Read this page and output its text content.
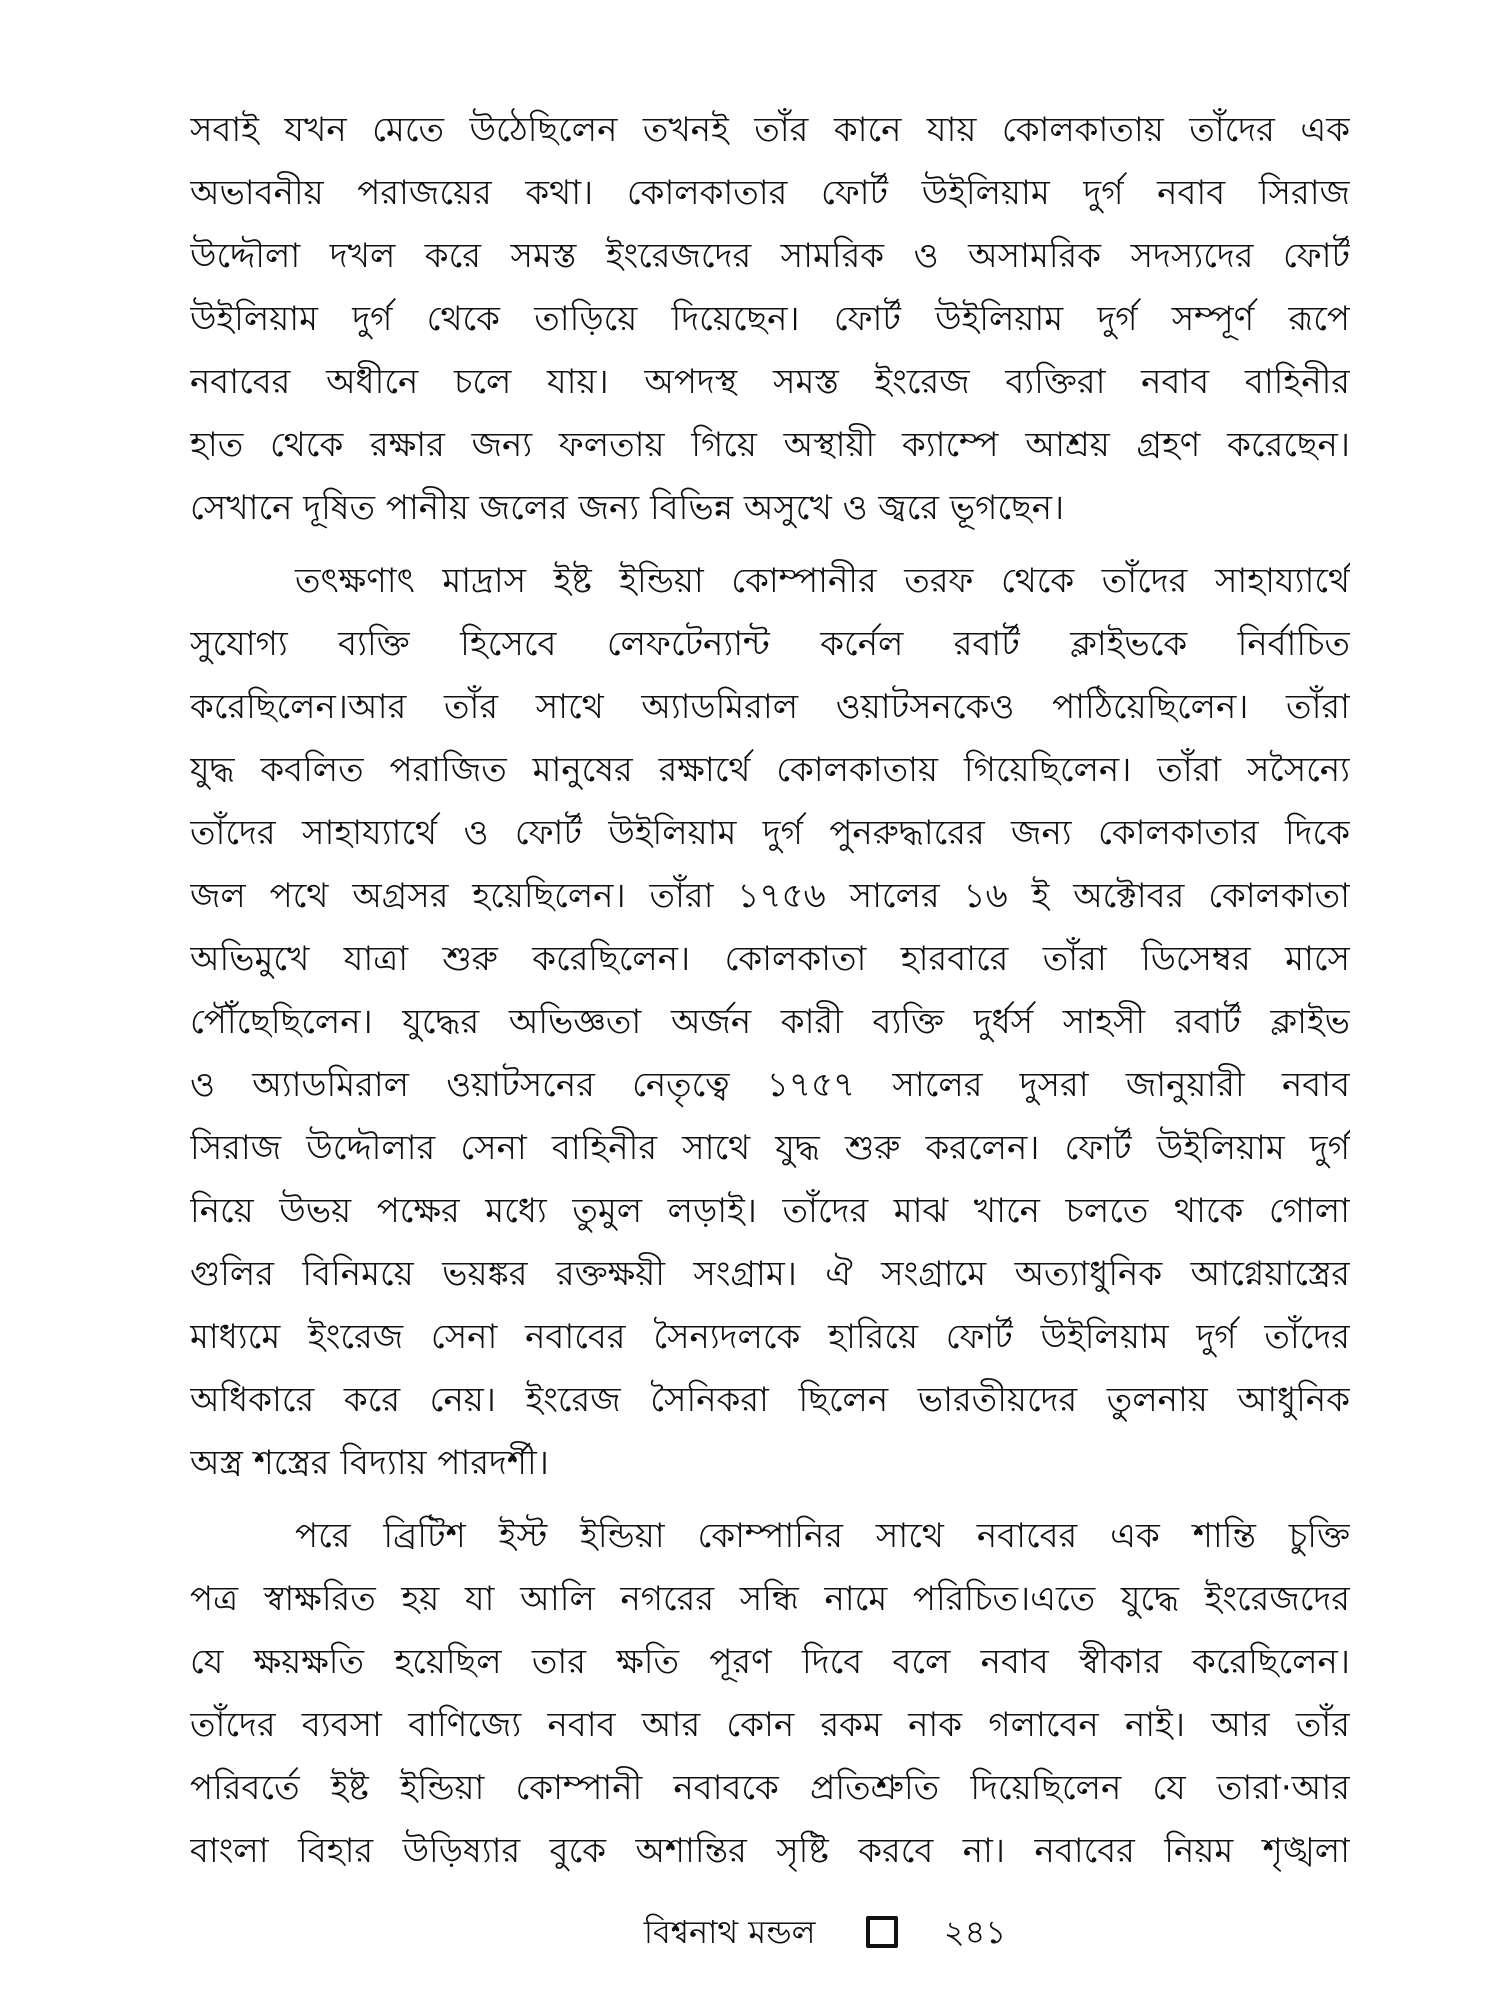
সবাই যখন মেতে উঠেছিলেন তখনই তাঁর কানে যায় কোলকাতায় তাঁদের এক
অভাবনীয় পরাজয়ের কথা। কোলকাতার ফোর্ট উইলিয়াম দুর্গ নবাব সিরাজ
উদ্দৌলা দখল করে সমস্ত ইংরেজদের সামরিক ও অসামরিক সদস্যদের ফোর্ট
উইলিয়াম দুর্গ থেকে তাড়িয়ে দিয়েছেন। ফোর্ট উইলিয়াম দুর্গ সম্পূর্ণ রূপে
নবাবের অধীনে চলে যায়। অপদস্থ সমস্ত ইংরেজ ব্যক্তিরা নবাব বাহিনীর
হাত থেকে রক্ষার জন্য ফলতায় গিয়ে অস্থায়ী ক্যাম্পে আশ্রয় গ্রহণ করেছেন।
সেখানে দূষিত পানীয় জলের জন্য বিভিন্ন অসুখে ও জ্বরে ভূগছেন।
তৎক্ষণাৎ মাদ্রাস ইষ্ট ইন্ডিয়া কোম্পানীর তরফ থেকে তাঁদের সাহায্যার্থে
সুযোগ্য ব্যক্তি হিসেবে লেফটেন্যান্ট কর্নেল রবার্ট ক্লাইভকে নির্বাচিত
করেছিলেন।আর তাঁর সাথে অ্যাডমিরাল ওয়াটসনকেও পাঠিয়েছিলেন। তাঁরা
যুদ্ধ কবলিত পরাজিত মানুষের রক্ষার্থে কোলকাতায় গিয়েছিলেন। তাঁরা সসৈন্যে
তাঁদের সাহায্যার্থে ও ফোর্ট উইলিয়াম দুর্গ পুনরুদ্ধারের জন্য কোলকাতার দিকে
জল পথে অগ্রসর হয়েছিলেন। তাঁরা ১৭৫৬ সালের ১৬ ই অক্টোবর কোলকাতা
অভিমুখে যাত্রা শুরু করেছিলেন। কোলকাতা হারবারে তাঁরা ডিসেম্বর মাসে
পৌঁছেছিলেন। যুদ্ধের অভিজ্ঞতা অর্জন কারী ব্যক্তি দুর্ধর্স সাহসী রবার্ট ক্লাইভ
ও অ্যাডমিরাল ওয়াটসনের নেতৃত্বে ১৭৫৭ সালের দুসরা জানুয়ারী নবাব
সিরাজ উদ্দৌলার সেনা বাহিনীর সাথে যুদ্ধ শুরু করলেন। ফোর্ট উইলিয়াম দুর্গ
নিয়ে উভয় পক্ষের মধ্যে তুমুল লড়াই। তাঁদের মাঝ খানে চলতে থাকে গোলা
গুলির বিনিময়ে ভয়ঙ্কর রক্তক্ষয়ী সংগ্রাম। ঐ সংগ্রামে অত্যাধুনিক আগ্নেয়াস্ত্রের
মাধ্যমে ইংরেজ সেনা নবাবের সৈন্যদলকে হারিয়ে ফোর্ট উইলিয়াম দুর্গ তাঁদের
অধিকারে করে নেয়। ইংরেজ সৈনিকরা ছিলেন ভারতীয়দের তুলনায় আধুনিক
অস্ত্র শস্ত্রের বিদ্যায় পারদর্শী।
পরে ব্রিটিশ ইস্ট ইন্ডিয়া কোম্পানির সাথে নবাবের এক শান্তি চুক্তি
পত্র স্বাক্ষরিত হয় যা আলি নগরের সন্ধি নামে পরিচিত।এতে যুদ্ধে ইংরেজদের
যে ক্ষয়ক্ষতি হয়েছিল তার ক্ষতি পূরণ দিবে বলে নবাব স্বীকার করেছিলেন।
তাঁদের ব্যবসা বাণিজ্যে নবাব আর কোন রকম নাক গলাবেন নাই। আর তাঁর
পরিবর্তে ইষ্ট ইন্ডিয়া কোম্পানী নবাবকে প্রতিশ্রুতি দিয়েছিলেন যে তারা·আর
বাংলা বিহার উড়িষ্যার বুকে অশান্তির সৃষ্টি করবে না। নবাবের নিয়ম শৃঙ্খলা
বিশ্বনাথ মন্ডল	২৪১
